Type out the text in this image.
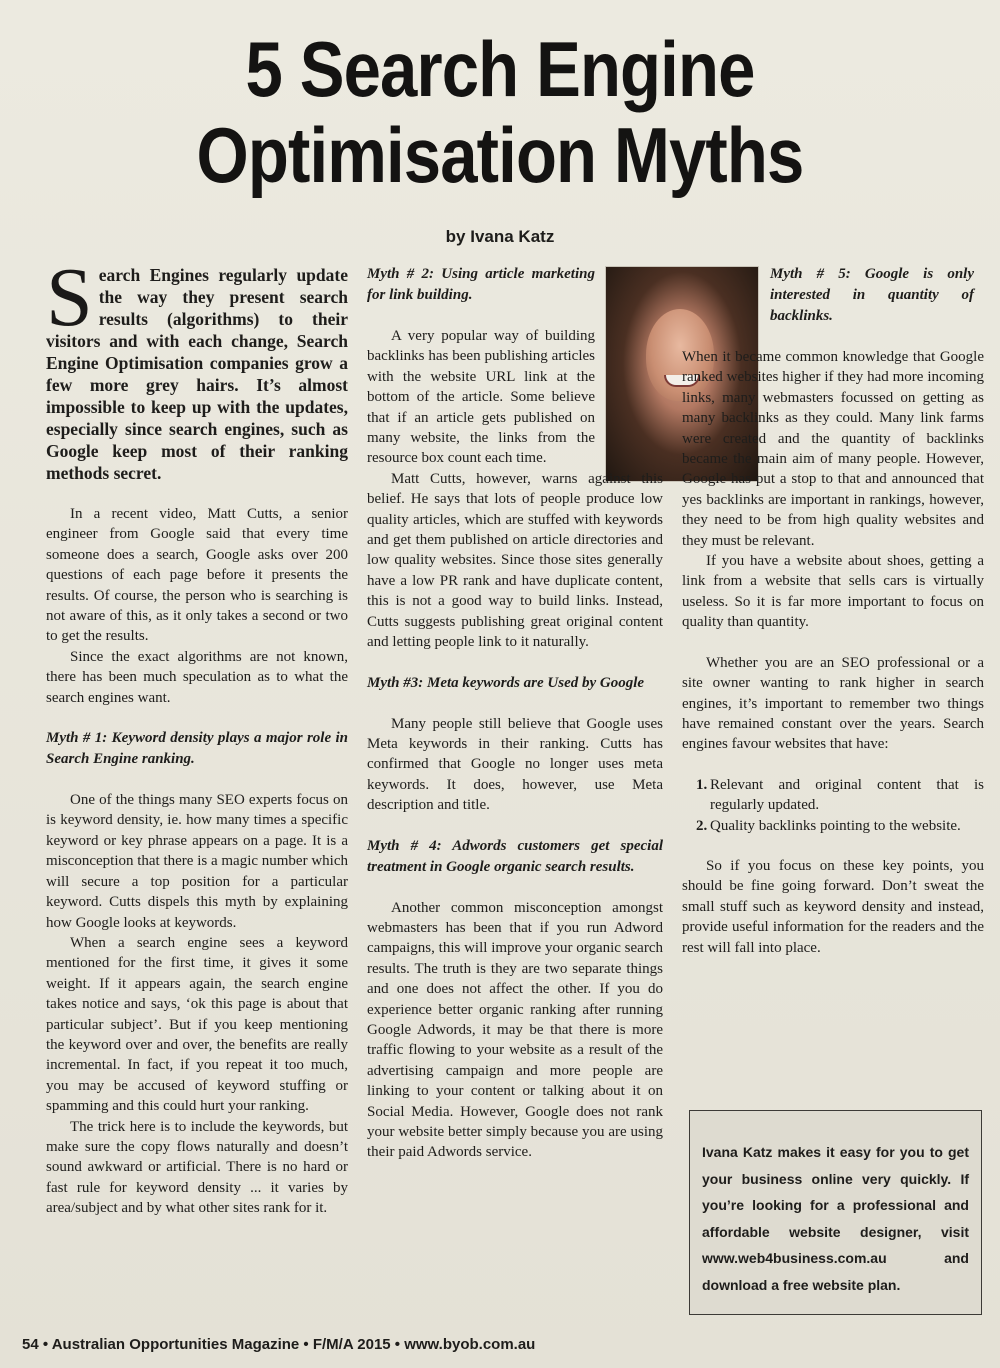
5 Search Engine
Optimisation Myths
by Ivana Katz

Search Engines regularly update the way they present search results (algorithms) to their visitors and with each change, Search Engine Optimisation companies grow a few more grey hairs. It’s almost impossible to keep up with the updates, especially since search engines, such as Google keep most of their ranking methods secret.

In a recent video, Matt Cutts, a senior engineer from Google said that every time someone does a search, Google asks over 200 questions of each page before it presents the results. Of course, the person who is searching is not aware of this, as it only takes a second or two to get the results.

Since the exact algorithms are not known, there has been much speculation as to what the search engines want.

Myth # 1: Keyword density plays a major role in Search Engine ranking.

One of the things many SEO experts focus on is keyword density, ie. how many times a specific keyword or key phrase appears on a page. It is a misconception that there is a magic number which will secure a top position for a particular keyword. Cutts dispels this myth by explaining how Google looks at keywords.

When a search engine sees a keyword mentioned for the first time, it gives it some weight. If it appears again, the search engine takes notice and says, ‘ok this page is about that particular subject’. But if you keep mentioning the keyword over and over, the benefits are really incremental. In fact, if you repeat it too much, you may be accused of keyword stuffing or spamming and this could hurt your ranking.

The trick here is to include the keywords, but make sure the copy flows naturally and doesn’t sound awkward or artificial. There is no hard or fast rule for keyword density ... it varies by area/subject and by what other sites rank for it.

Myth # 2: Using article marketing for link building.

A very popular way of building backlinks has been publishing articles with the website URL link at the bottom of the article. Some believe that if an article gets published on many website, the links from the resource box count each time.

Matt Cutts, however, warns against this belief. He says that lots of people produce low quality articles, which are stuffed with keywords and get them published on article directories and low quality websites. Since those sites generally have a low PR rank and have duplicate content, this is not a good way to build links. Instead, Cutts suggests publishing great original content and letting people link to it naturally.

Myth #3: Meta keywords are Used by Google

Many people still believe that Google uses Meta keywords in their ranking. Cutts has confirmed that Google no longer uses meta keywords. It does, however, use Meta description and title.

Myth # 4: Adwords customers get special treatment in Google organic search results.

Another common misconception amongst webmasters has been that if you run Adword campaigns, this will improve your organic search results. The truth is they are two separate things and one does not affect the other. If you do experience better organic ranking after running Google Adwords, it may be that there is more traffic flowing to your website as a result of the advertising campaign and more people are linking to your content or talking about it on Social Media. However, Google does not rank your website better simply because you are using their paid Adwords service.

Myth # 5: Google is only interested in quantity of backlinks.

When it became common knowledge that Google ranked websites higher if they had more incoming links, many webmasters focussed on getting as many backlinks as they could. Many link farms were created and the quantity of backlinks became the main aim of many people. However, Google has put a stop to that and announced that yes backlinks are important in rankings, however, they need to be from high quality websites and they must be relevant.

If you have a website about shoes, getting a link from a website that sells cars is virtually useless. So it is far more important to focus on quality than quantity.

Whether you are an SEO professional or a site owner wanting to rank higher in search engines, it’s important to remember two things have remained constant over the years. Search engines favour websites that have:

1. Relevant and original content that is regularly updated.
2. Quality backlinks pointing to the website.

So if you focus on these key points, you should be fine going forward. Don’t sweat the small stuff such as keyword density and instead, provide useful information for the readers and the rest will fall into place.

Ivana Katz makes it easy for you to get your business online very quickly. If you’re looking for a professional and affordable website designer, visit www.web4business.com.au and download a free website plan.
54 • Australian Opportunities Magazine • F/M/A 2015 • www.byob.com.au
